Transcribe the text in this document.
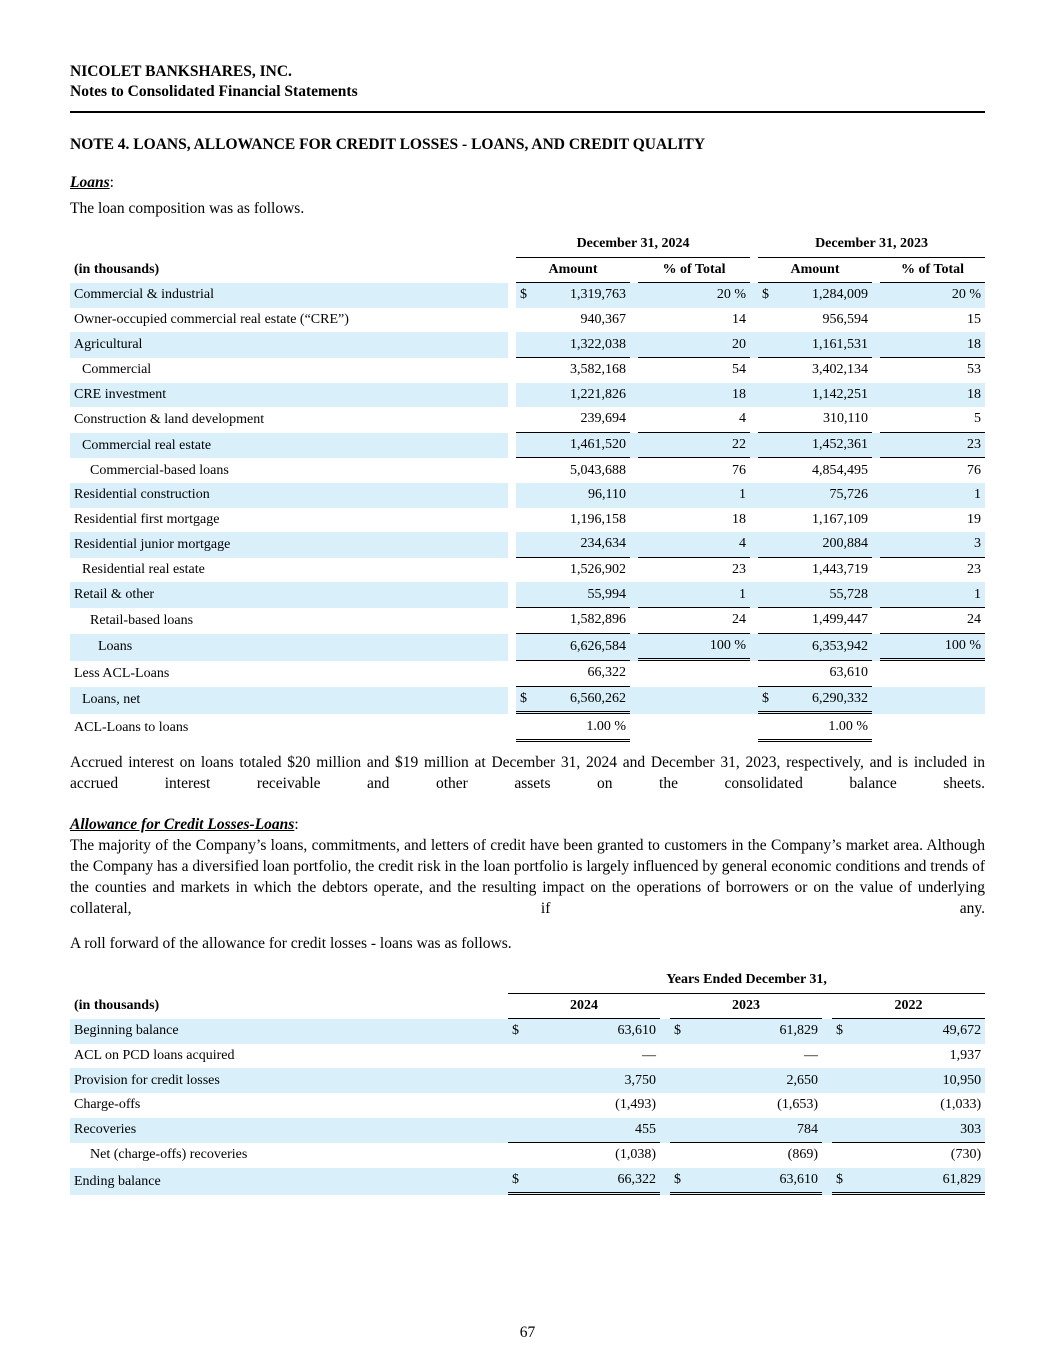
NICOLET BANKSHARES, INC.
Notes to Consolidated Financial Statements
NOTE 4. LOANS, ALLOWANCE FOR CREDIT LOSSES - LOANS, AND CREDIT QUALITY
Loans:
The loan composition was as follows.
		December 31, 2024					December 31, 2023			
(in thousands)		Amount			% of Total		Amount			% of Total
Commercial & industrial		$	1,319,763		20 %		$	1,284,009		20 %
Owner-occupied commercial real estate (“CRE”)			940,367		14			956,594		15
Agricultural			1,322,038		20			1,161,531		18
Commercial			3,582,168		54			3,402,134		53
CRE investment			1,221,826		18			1,142,251		18
Construction & land development			239,694		4			310,110		5
Commercial real estate			1,461,520		22			1,452,361		23
Commercial-based loans			5,043,688		76			4,854,495		76
Residential construction			96,110		1			75,726		1
Residential first mortgage			1,196,158		18			1,167,109		19
Residential junior mortgage			234,634		4			200,884		3
Residential real estate			1,526,902		23			1,443,719		23
Retail & other			55,994		1			55,728		1
Retail-based loans			1,582,896		24			1,499,447		24
Loans			6,626,584		100 %			6,353,942		100 %
Less ACL-Loans			66,322					63,610		
Loans, net		$	6,560,262				$	6,290,332		
ACL-Loans to loans			1.00 %					1.00 %		
Accrued interest on loans totaled $20 million and $19 million at December 31, 2024 and December 31, 2023, respectively, and is included in accrued interest receivable and other assets on the consolidated balance sheets.
Allowance for Credit Losses-Loans:
The majority of the Company’s loans, commitments, and letters of credit have been granted to customers in the Company’s market area. Although the Company has a diversified loan portfolio, the credit risk in the loan portfolio is largely influenced by general economic conditions and trends of the counties and markets in which the debtors operate, and the resulting impact on the operations of borrowers or on the value of underlying collateral, if any.
A roll forward of the allowance for credit losses - loans was as follows.
	Years Ended December 31,							
(in thousands)	2024			2023			2022	
Beginning balance	$	63,610		$	61,829		$	49,672
ACL on PCD loans acquired		—			—			1,937
Provision for credit losses		3,750			2,650			10,950
Charge-offs		(1,493)			(1,653)			(1,033)
Recoveries		455			784			303
Net (charge-offs) recoveries		(1,038)			(869)			(730)
Ending balance	$	66,322		$	63,610		$	61,829
67
